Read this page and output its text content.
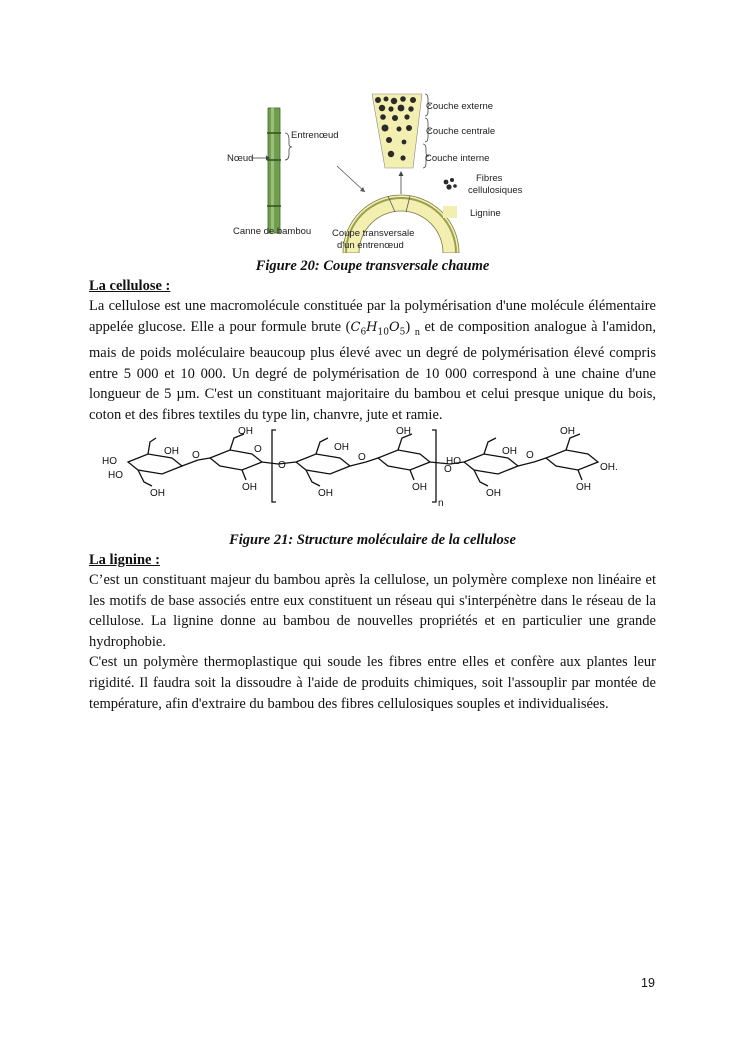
Entrenœud
Nœud
Canne de bambou Coupe transversale
d'un entrenœud
Couche externe
Couche centrale
Couche interne
Fibres
cellulosiques
Lignine
Figure 20: Coupe transversale chaume
La cellulose :

La cellulose est une macromolécule constituée par la polymérisation d'une molécule élémentaire appelée glucose. Elle a pour formule brute $(C_6H_{10}O_5)$ $_n$ et de composition analogue à l'amidon, mais de poids moléculaire beaucoup plus élevé avec un degré de polymérisation élevé compris entre 5 000 et 10 000. Un degré de polymérisation de 10 000 correspond à une chaine d'une longueur de 5 µm. C'est un constituant majoritaire du bambou et celui presque unique du bois, coton et des fibres textiles du type lin, chanvre, jute et ramie.

HO
HO
OH
OH
O
OH
O
OH
O
OH
OH
O
OH
OH
n
O
HO
OH
OH
O
OH
OH
OH.
Figure 21: Structure moléculaire de la cellulose
La lignine :

C’est un constituant majeur du bambou après la cellulose, un polymère complexe non linéaire et les motifs de base associés entre eux constituent un réseau qui s'interpénètre dans le réseau de la cellulose. La lignine donne au bambou de nouvelles propriétés et en particulier une grande hydrophobie.

C'est un polymère thermoplastique qui soude les fibres entre elles et confère aux plantes leur rigidité. Il faudra soit la dissoudre à l'aide de produits chimiques, soit l'assouplir par montée de température, afin d'extraire du bambou des fibres cellulosiques souples et individualisées.

19
